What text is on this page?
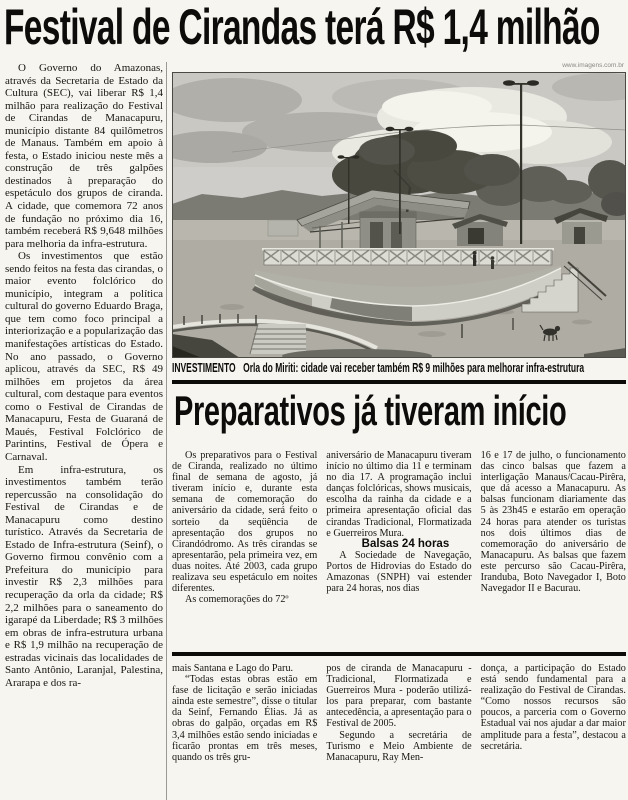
Festival de Cirandas terá R$ 1,4 milhão

O Governo do Amazonas, através da Secretaria de Estado da Cultura (SEC), vai liberar R$ 1,4 milhão para realização do Festival de Cirandas de Manacapuru, município distante 84 quilômetros de Manaus. Também em apoio à festa, o Estado iniciou neste mês a construção de três galpões destinados à preparação do espetáculo dos grupos de ciranda. A cidade, que comemora 72 anos de fundação no próximo dia 16, também receberá R$ 9,648 milhões para melhoria da infra-estrutura.

Os investimentos que estão sendo feitos na festa das cirandas, o maior evento folclórico do município, integram a política cultural do governo Eduardo Braga, que tem como foco principal a interiorização e a popularização das manifestações artísticas do Estado. No ano passado, o Governo aplicou, através da SEC, R$ 49 milhões em projetos da área cultural, com destaque para eventos como o Festival de Cirandas de Manacapuru, Festa de Guaraná de Maués, Festival Folclórico de Parintins, Festival de Ópera e Carnaval.

Em infra-estrutura, os investimentos também terão repercussão na consolidação do Festival de Cirandas e de Manacapuru como destino turístico. Através da Secretaria de Estado de Infra-estrutura (Seinf), o Governo firmou convênio com a Prefeitura do município para investir R$ 2,3 milhões para recuperação da orla da cidade; R$ 2,2 milhões para o saneamento do igarapé da Liberdade; R$ 3 milhões em obras de infra-estrutura urbana e R$ 1,9 milhão na recuperação de estradas vicinais das localidades de Santo Antônio, Laranjal, Palestina, Ararapa e dos ra-

www.imagens.com.br
INVESTIMENTO Orla do Miriti: cidade vai receber também R$ 9 milhões para melhorar infra-estrutura
Preparativos já tiveram início

Os preparativos para o Festival de Ciranda, realizado no último final de semana de agosto, já tiveram início e, durante esta semana de comemoração do aniversário da cidade, será feito o sorteio da seqüência de apresentação dos grupos no Cirandódromo. As três cirandas se apresentarão, pela primeira vez, em duas noites. Até 2003, cada grupo realizava seu espetáculo em noites diferentes.

As comemorações do 72º

aniversário de Manacapuru tiveram início no último dia 11 e terminam no dia 17. A programação inclui danças folclóricas, shows musicais, escolha da rainha da cidade e a primeira apresentação oficial das cirandas Tradicional, Flormatizada e Guerreiros Mura.

Balsas 24 horas

A Sociedade de Navegação, Portos de Hidrovias do Estado do Amazonas (SNPH) vai estender para 24 horas, nos dias

16 e 17 de julho, o funcionamento das cinco balsas que fazem a interligação Manaus/Cacau-Pirêra, que dá acesso a Manacapuru. As balsas funcionam diariamente das 5 às 23h45 e estarão em operação 24 horas para atender os turistas nos dois últimos dias de comemoração do aniversário de Manacapuru. As balsas que fazem este percurso são Cacau-Pirêra, Iranduba, Boto Navegador I, Boto Navegador II e Bacurau.

mais Santana e Lago do Paru.

“Todas estas obras estão em fase de licitação e serão iniciadas ainda este semestre”, disse o titular da Seinf, Fernando Élias. Já as obras do galpão, orçadas em R$ 3,4 milhões estão sendo iniciadas e ficarão prontas em três meses, quando os três gru-

pos de ciranda de Manacapuru - Tradicional, Flormatizada e Guerreiros Mura - poderão utilizá-los para preparar, com bastante antecedência, a apresentação para o Festival de 2005.

Segundo a secretária de Turismo e Meio Ambiente de Manacapuru, Ray Men-

donça, a participação do Estado está sendo fundamental para a realização do Festival de Cirandas. “Como nossos recursos são poucos, a parceria com o Governo Estadual vai nos ajudar a dar maior amplitude para a festa”, destacou a secretária.
